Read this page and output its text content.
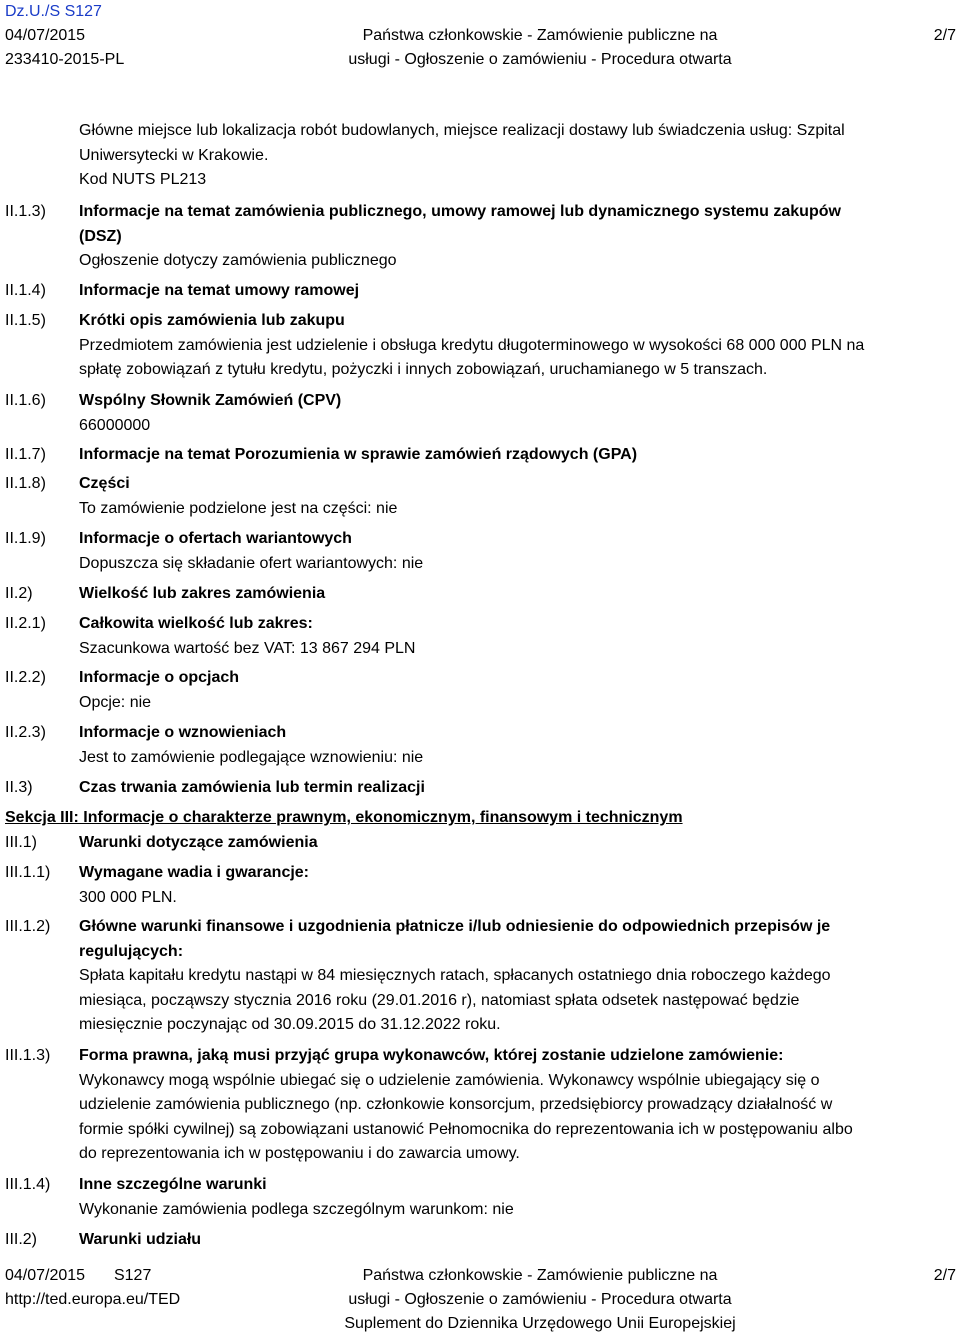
Dz.U./S S127
04/07/2015
233410-2015-PL
Państwa członkowskie - Zamówienie publiczne na
usługi - Ogłoszenie o zamówieniu - Procedura otwarta
2/7
Główne miejsce lub lokalizacja robót budowlanych, miejsce realizacji dostawy lub świadczenia usług: Szpital
Uniwersytecki w Krakowie.
Kod NUTS PL213
II.1.3)	Informacje na temat zamówienia publicznego, umowy ramowej lub dynamicznego systemu zakupów
(DSZ)
Ogłoszenie dotyczy zamówienia publicznego
II.1.4)	Informacje na temat umowy ramowej
II.1.5)	Krótki opis zamówienia lub zakupu
Przedmiotem zamówienia jest udzielenie i obsługa kredytu długoterminowego w wysokości 68 000 000 PLN na
spłatę zobowiązań z tytułu kredytu, pożyczki i innych zobowiązań, uruchamianego w 5 transzach.
II.1.6)	Wspólny Słownik Zamówień (CPV)
66000000
II.1.7)	Informacje na temat Porozumienia w sprawie zamówień rządowych (GPA)
II.1.8)	Części
To zamówienie podzielone jest na części: nie
II.1.9)	Informacje o ofertach wariantowych
Dopuszcza się składanie ofert wariantowych: nie
II.2)	Wielkość lub zakres zamówienia
II.2.1)	Całkowita wielkość lub zakres:
Szacunkowa wartość bez VAT: 13 867 294 PLN
II.2.2)	Informacje o opcjach
Opcje: nie
II.2.3)	Informacje o wznowieniach
Jest to zamówienie podlegające wznowieniu: nie
II.3)	Czas trwania zamówienia lub termin realizacji
Sekcja III: Informacje o charakterze prawnym, ekonomicznym, finansowym i technicznym
III.1)	Warunki dotyczące zamówienia
III.1.1)	Wymagane wadia i gwarancje:
300 000 PLN.
III.1.2)	Główne warunki finansowe i uzgodnienia płatnicze i/lub odniesienie do odpowiednich przepisów je
regulujących:
Spłata kapitału kredytu nastąpi w 84 miesięcznych ratach, spłacanych ostatniego dnia roboczego każdego
miesiąca, począwszy stycznia 2016 roku (29.01.2016 r), natomiast spłata odsetek następować będzie
miesięcznie poczynając od 30.09.2015 do 31.12.2022 roku.
III.1.3)	Forma prawna, jaką musi przyjąć grupa wykonawców, której zostanie udzielone zamówienie:
Wykonawcy mogą wspólnie ubiegać się o udzielenie zamówienia. Wykonawcy wspólnie ubiegający się o
udzielenie zamówienia publicznego (np. członkowie konsorcjum, przedsiębiorcy prowadzący działalność w
formie spółki cywilnej) są zobowiązani ustanowić Pełnomocnika do reprezentowania ich w postępowaniu albo
do reprezentowania ich w postępowaniu i do zawarcia umowy.
III.1.4)	Inne szczególne warunki
Wykonanie zamówienia podlega szczególnym warunkom: nie
III.2)	Warunki udziału
04/07/2015 S127
http://ted.europa.eu/TED
Państwa członkowskie - Zamówienie publiczne na
usługi - Ogłoszenie o zamówieniu - Procedura otwarta
Suplement do Dziennika Urzędowego Unii Europejskiej
2/7
